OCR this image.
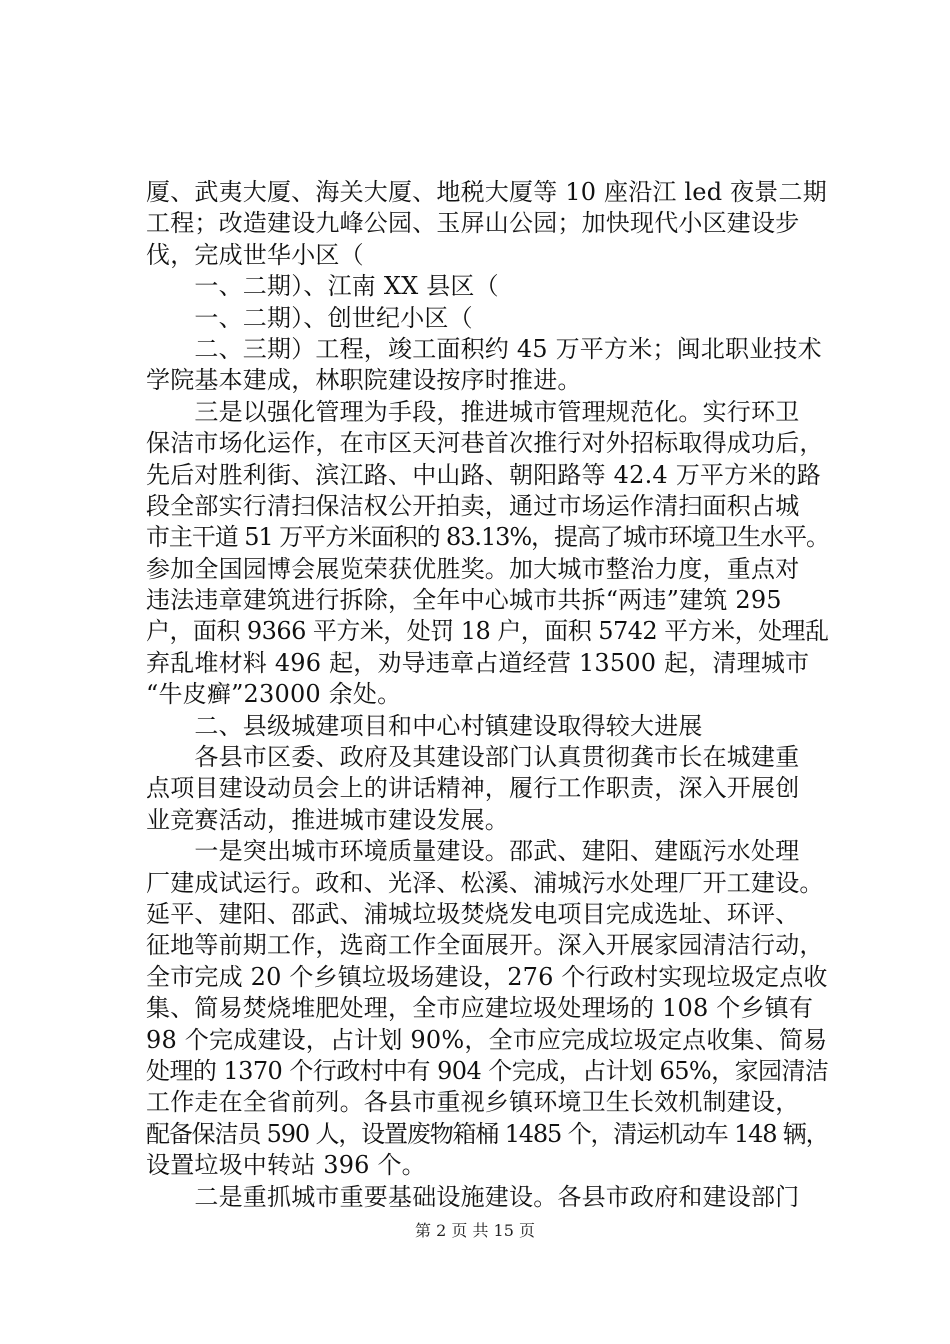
厦、武夷大厦、海关大厦、地税大厦等 10 座沿江 led 夜景二期
工程；改造建设九峰公园、玉屏山公园；加快现代小区建设步
伐，完成世华小区（
　　一、二期）、江南 XX 县区（
　　一、二期）、创世纪小区（
　　二、三期）工程，竣工面积约 45 万平方米；闽北职业技术
学院基本建成，林职院建设按序时推进。
　　三是以强化管理为手段，推进城市管理规范化。实行环卫
保洁市场化运作，在市区天河巷首次推行对外招标取得成功后，
先后对胜利街、滨江路、中山路、朝阳路等 42.4 万平方米的路
段全部实行清扫保洁权公开拍卖，通过市场运作清扫面积占城
市主干道 51 万平方米面积的 83.13%，提高了城市环境卫生水平。
参加全国园博会展览荣获优胜奖。加大城市整治力度，重点对
违法违章建筑进行拆除，全年中心城市共拆“两违”建筑 295
户，面积 9366 平方米，处罚 18 户，面积 5742 平方米，处理乱
弃乱堆材料 496 起，劝导违章占道经营 13500 起，清理城市
“牛皮癣”23000 余处。
　　二、县级城建项目和中心村镇建设取得较大进展
　　各县市区委、政府及其建设部门认真贯彻龚市长在城建重
点项目建设动员会上的讲话精神，履行工作职责，深入开展创
业竞赛活动，推进城市建设发展。
　　一是突出城市环境质量建设。邵武、建阳、建瓯污水处理
厂建成试运行。政和、光泽、松溪、浦城污水处理厂开工建设。
延平、建阳、邵武、浦城垃圾焚烧发电项目完成选址、环评、
征地等前期工作，选商工作全面展开。深入开展家园清洁行动，
全市完成 20 个乡镇垃圾场建设，276 个行政村实现垃圾定点收
集、简易焚烧堆肥处理，全市应建垃圾处理场的 108 个乡镇有
98 个完成建设，占计划 90%，全市应完成垃圾定点收集、简易
处理的 1370 个行政村中有 904 个完成，占计划 65%，家园清洁
工作走在全省前列。各县市重视乡镇环境卫生长效机制建设，
配备保洁员 590 人，设置废物箱桶 1485 个，清运机动车 148 辆，
设置垃圾中转站 396 个。
　　二是重抓城市重要基础设施建设。各县市政府和建设部门
第 2 页 共 15 页
